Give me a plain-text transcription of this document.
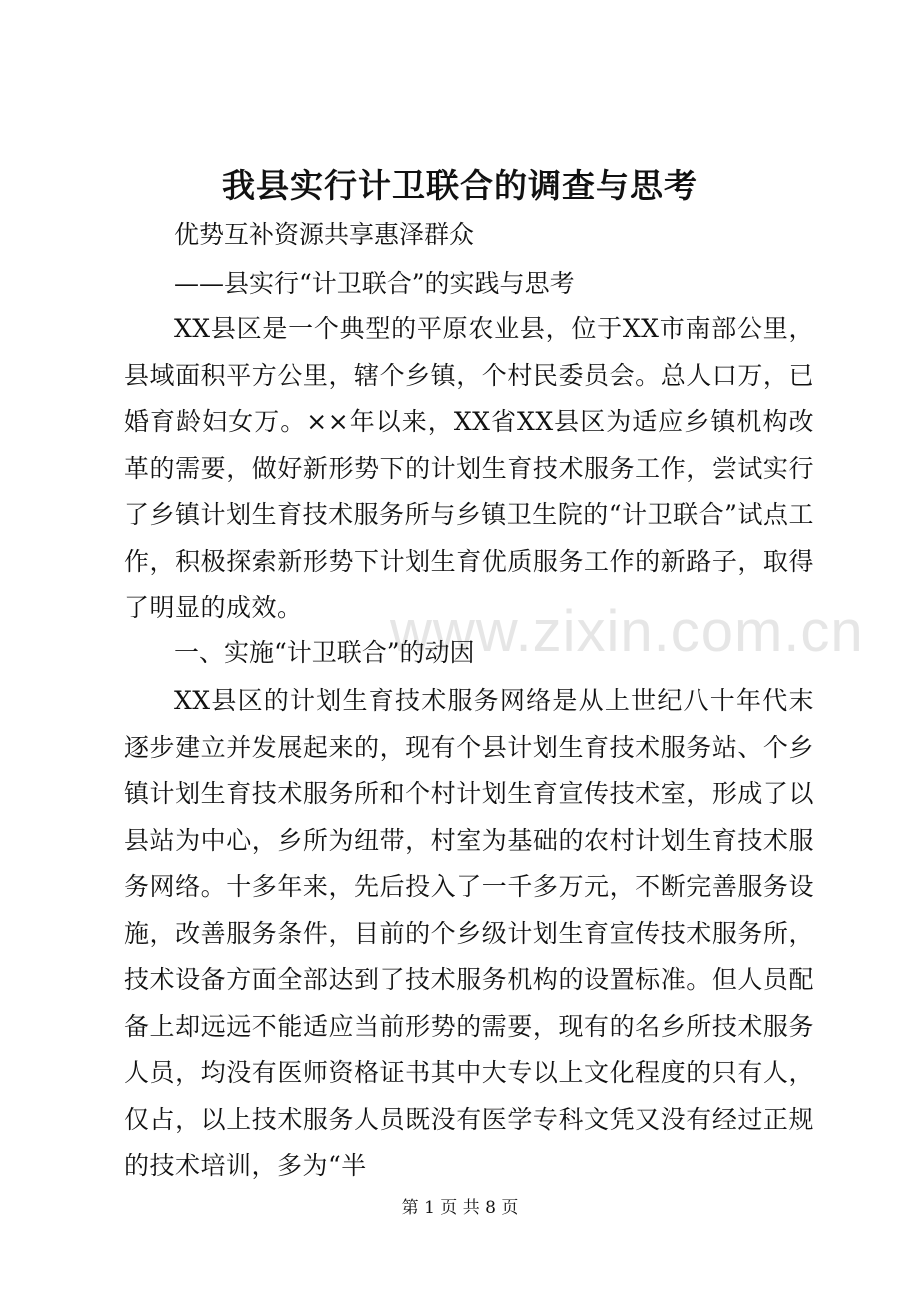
www.zixin.com.cn
我县实行计卫联合的调查与思考
优势互补资源共享惠泽群众
——县实行“计卫联合”的实践与思考

XX县区是一个典型的平原农业县，位于XX市南部公里，县域面积平方公里，辖个乡镇，个村民委员会。总人口万，已婚育龄妇女万。××年以来，XX省XX县区为适应乡镇机构改革的需要，做好新形势下的计划生育技术服务工作，尝试实行了乡镇计划生育技术服务所与乡镇卫生院的“计卫联合”试点工作，积极探索新形势下计划生育优质服务工作的新路子，取得了明显的成效。

一、实施“计卫联合”的动因

XX县区的计划生育技术服务网络是从上世纪八十年代末逐步建立并发展起来的，现有个县计划生育技术服务站、个乡镇计划生育技术服务所和个村计划生育宣传技术室，形成了以县站为中心，乡所为纽带，村室为基础的农村计划生育技术服务网络。十多年来，先后投入了一千多万元，不断完善服务设施，改善服务条件，目前的个乡级计划生育宣传技术服务所，技术设备方面全部达到了技术服务机构的设置标准。但人员配备上却远远不能适应当前形势的需要，现有的名乡所技术服务人员，均没有医师资格证书其中大专以上文化程度的只有人，仅占，以上技术服务人员既没有医学专科文凭又没有经过正规的技术培训，多为“半

第 1 页 共 8 页
